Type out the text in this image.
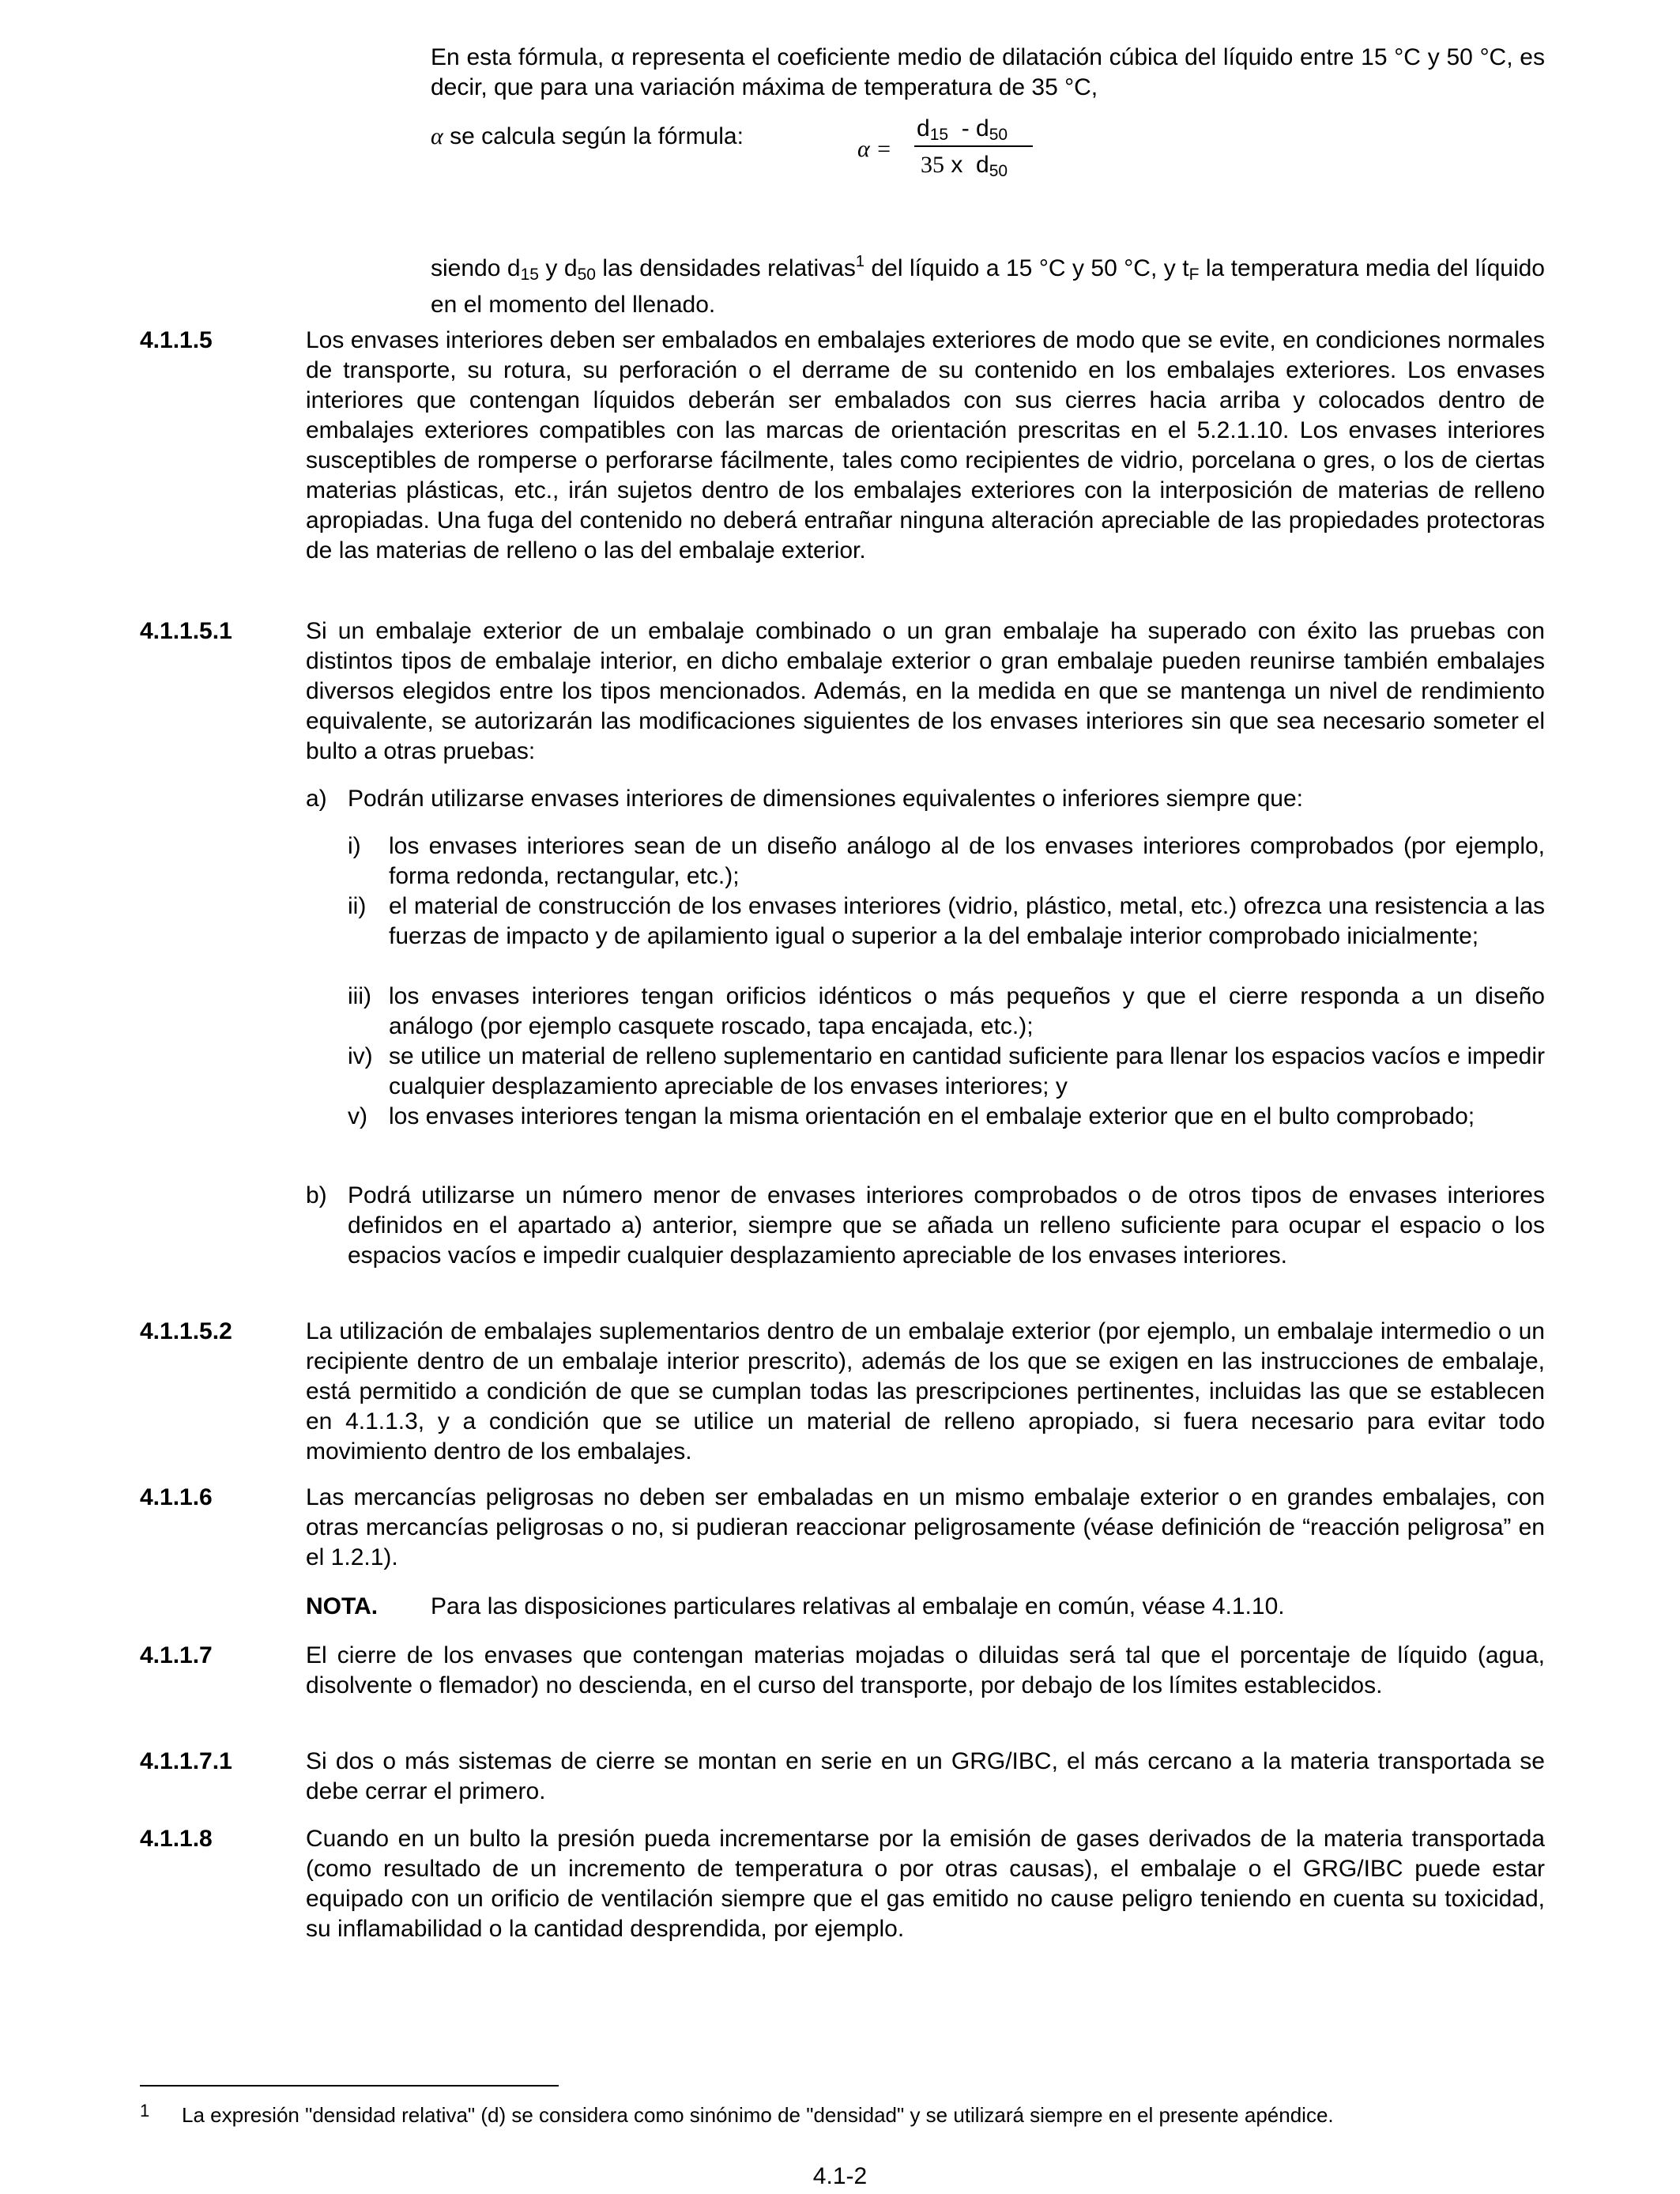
En esta fórmula, α representa el coeficiente medio de dilatación cúbica del líquido entre 15 °C y 50 °C, es decir, que para una variación máxima de temperatura de 35 °C,
α se calcula según la fórmula:	α =
$d_{15} - d_{50}$
35 x  $d_{50}$
siendo $d_{15}$ y $d_{50}$ las densidades relativas$^1$ del líquido a 15 °C y 50 °C, y $t_F$ la temperatura media del líquido en el momento del llenado.
4.1.1.5	Los envases interiores deben ser embalados en embalajes exteriores de modo que se evite, en condiciones normales de transporte, su rotura, su perforación o el derrame de su contenido en los embalajes exteriores. Los envases interiores que contengan líquidos deberán ser embalados con sus cierres hacia arriba y colocados dentro de embalajes exteriores compatibles con las marcas de orientación prescritas en el 5.2.1.10. Los envases interiores susceptibles de romperse o perforarse fácilmente, tales como recipientes de vidrio, porcelana o gres, o los de ciertas materias plásticas, etc., irán sujetos dentro de los embalajes exteriores con la interposición de materias de relleno apropiadas. Una fuga del contenido no deberá entrañar ninguna alteración apreciable de las propiedades protectoras de las materias de relleno o las del embalaje exterior.
4.1.1.5.1	Si un embalaje exterior de un embalaje combinado o un gran embalaje ha superado con éxito las pruebas con distintos tipos de embalaje interior, en dicho embalaje exterior o gran embalaje pueden reunirse también embalajes diversos elegidos entre los tipos mencionados. Además, en la medida en que se mantenga un nivel de rendimiento equivalente, se autorizarán las modificaciones siguientes de los envases interiores sin que sea necesario someter el bulto a otras pruebas:
a) Podrán utilizarse envases interiores de dimensiones equivalentes o inferiores siempre que:
i) los envases interiores sean de un diseño análogo al de los envases interiores comprobados (por ejemplo, forma redonda, rectangular, etc.);
ii) el material de construcción de los envases interiores (vidrio, plástico, metal, etc.) ofrezca una resistencia a las fuerzas de impacto y de apilamiento igual o superior a la del embalaje interior comprobado inicialmente;
iii) los envases interiores tengan orificios idénticos o más pequeños y que el cierre responda a un diseño análogo (por ejemplo casquete roscado, tapa encajada, etc.);
iv) se utilice un material de relleno suplementario en cantidad suficiente para llenar los espacios vacíos e impedir cualquier desplazamiento apreciable de los envases interiores; y
v) los envases interiores tengan la misma orientación en el embalaje exterior que en el bulto comprobado;
b) Podrá utilizarse un número menor de envases interiores comprobados o de otros tipos de envases interiores definidos en el apartado a) anterior, siempre que se añada un relleno suficiente para ocupar el espacio o los espacios vacíos e impedir cualquier desplazamiento apreciable de los envases interiores.
4.1.1.5.2	La utilización de embalajes suplementarios dentro de un embalaje exterior (por ejemplo, un embalaje intermedio o un recipiente dentro de un embalaje interior prescrito), además de los que se exigen en las instrucciones de embalaje, está permitido a condición de que se cumplan todas las prescripciones pertinentes, incluidas las que se establecen en 4.1.1.3, y a condición que se utilice un material de relleno apropiado, si fuera necesario para evitar todo movimiento dentro de los embalajes.
4.1.1.6	Las mercancías peligrosas no deben ser embaladas en un mismo embalaje exterior o en grandes embalajes, con otras mercancías peligrosas o no, si pudieran reaccionar peligrosamente (véase definición de “reacción peligrosa” en el 1.2.1).
NOTA. Para las disposiciones particulares relativas al embalaje en común, véase 4.1.10.
4.1.1.7	El cierre de los envases que contengan materias mojadas o diluidas será tal que el porcentaje de líquido (agua, disolvente o flemador) no descienda, en el curso del transporte, por debajo de los límites establecidos.
4.1.1.7.1	Si dos o más sistemas de cierre se montan en serie en un GRG/IBC, el más cercano a la materia transportada se debe cerrar el primero.
4.1.1.8	Cuando en un bulto la presión pueda incrementarse por la emisión de gases derivados de la materia transportada (como resultado de un incremento de temperatura o por otras causas), el embalaje o el GRG/IBC puede estar equipado con un orificio de ventilación siempre que el gas emitido no cause peligro teniendo en cuenta su toxicidad, su inflamabilidad o la cantidad desprendida, por ejemplo.
1 La expresión "densidad relativa" (d) se considera como sinónimo de "densidad" y se utilizará siempre en el presente apéndice.
4.1-2
